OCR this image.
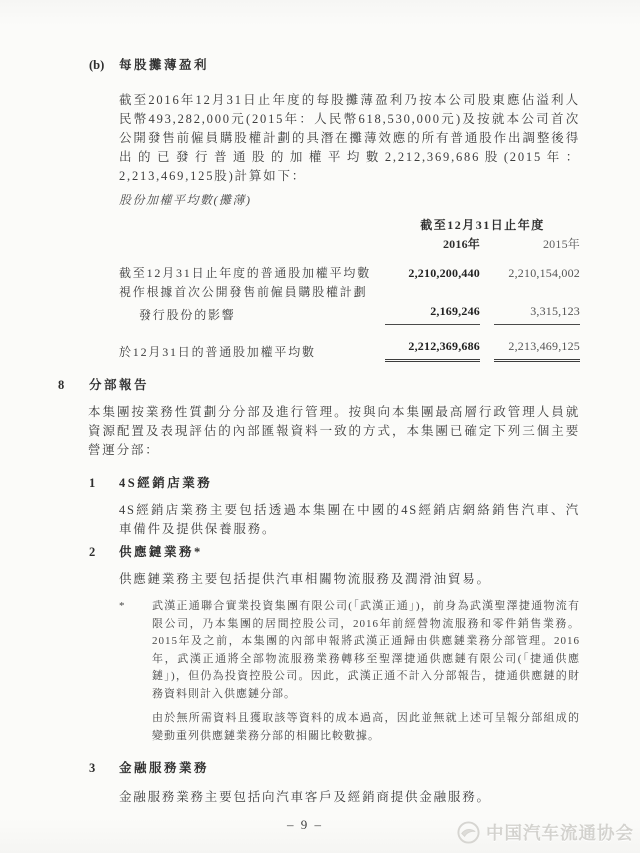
(b)	每股攤薄盈利

截至2016年12月31日止年度的每股攤薄盈利乃按本公司股東應佔溢利人民幣493,282,000元(2015年：人民幣618,530,000元)及按就本公司首次公開發售前僱員購股權計劃的具潛在攤薄效應的所有普通股作出調整後得出的已發行普通股的加權平均數2,212,369,686股(2015年：2,213,469,125股)計算如下：

股份加權平均數(攤薄)

截至12月31日止年度
2016年	2015年
截至12月31日止年度的普通股加權平均數	2,210,200,440	2,210,154,002
視作根據首次公開發售前僱員購股權計劃
發行股份的影響	2,169,246	3,315,123
於12月31日的普通股加權平均數	2,212,369,686	2,213,469,125
8	分部報告

本集團按業務性質劃分分部及進行管理。按與向本集團最高層行政管理人員就資源配置及表現評估的內部匯報資料一致的方式，本集團已確定下列三個主要營運分部：

1	4S經銷店業務

4S經銷店業務主要包括透過本集團在中國的4S經銷店網絡銷售汽車、汽車備件及提供保養服務。

2	供應鏈業務*

供應鏈業務主要包括提供汽車相關物流服務及潤滑油貿易。

*	武漢正通聯合實業投資集團有限公司(「武漢正通」)，前身為武漢聖澤捷通物流有限公司，乃本集團的居間控股公司，2016年前經營物流服務和零件銷售業務。2015年及之前，本集團的內部申報將武漢正通歸由供應鏈業務分部管理。2016年，武漢正通將全部物流服務業務轉移至聖澤捷通供應鏈有限公司(「捷通供應鏈」)，但仍為投資控股公司。因此，武漢正通不計入分部報告，捷通供應鏈的財務資料則計入供應鏈分部。

由於無所需資料且獲取該等資料的成本過高，因此並無就上述可呈報分部組成的變動重列供應鏈業務分部的相關比較數據。

3	金融服務業務

金融服務業務主要包括向汽車客戶及經銷商提供金融服務。

– 9 –	中国汽车流通协会
